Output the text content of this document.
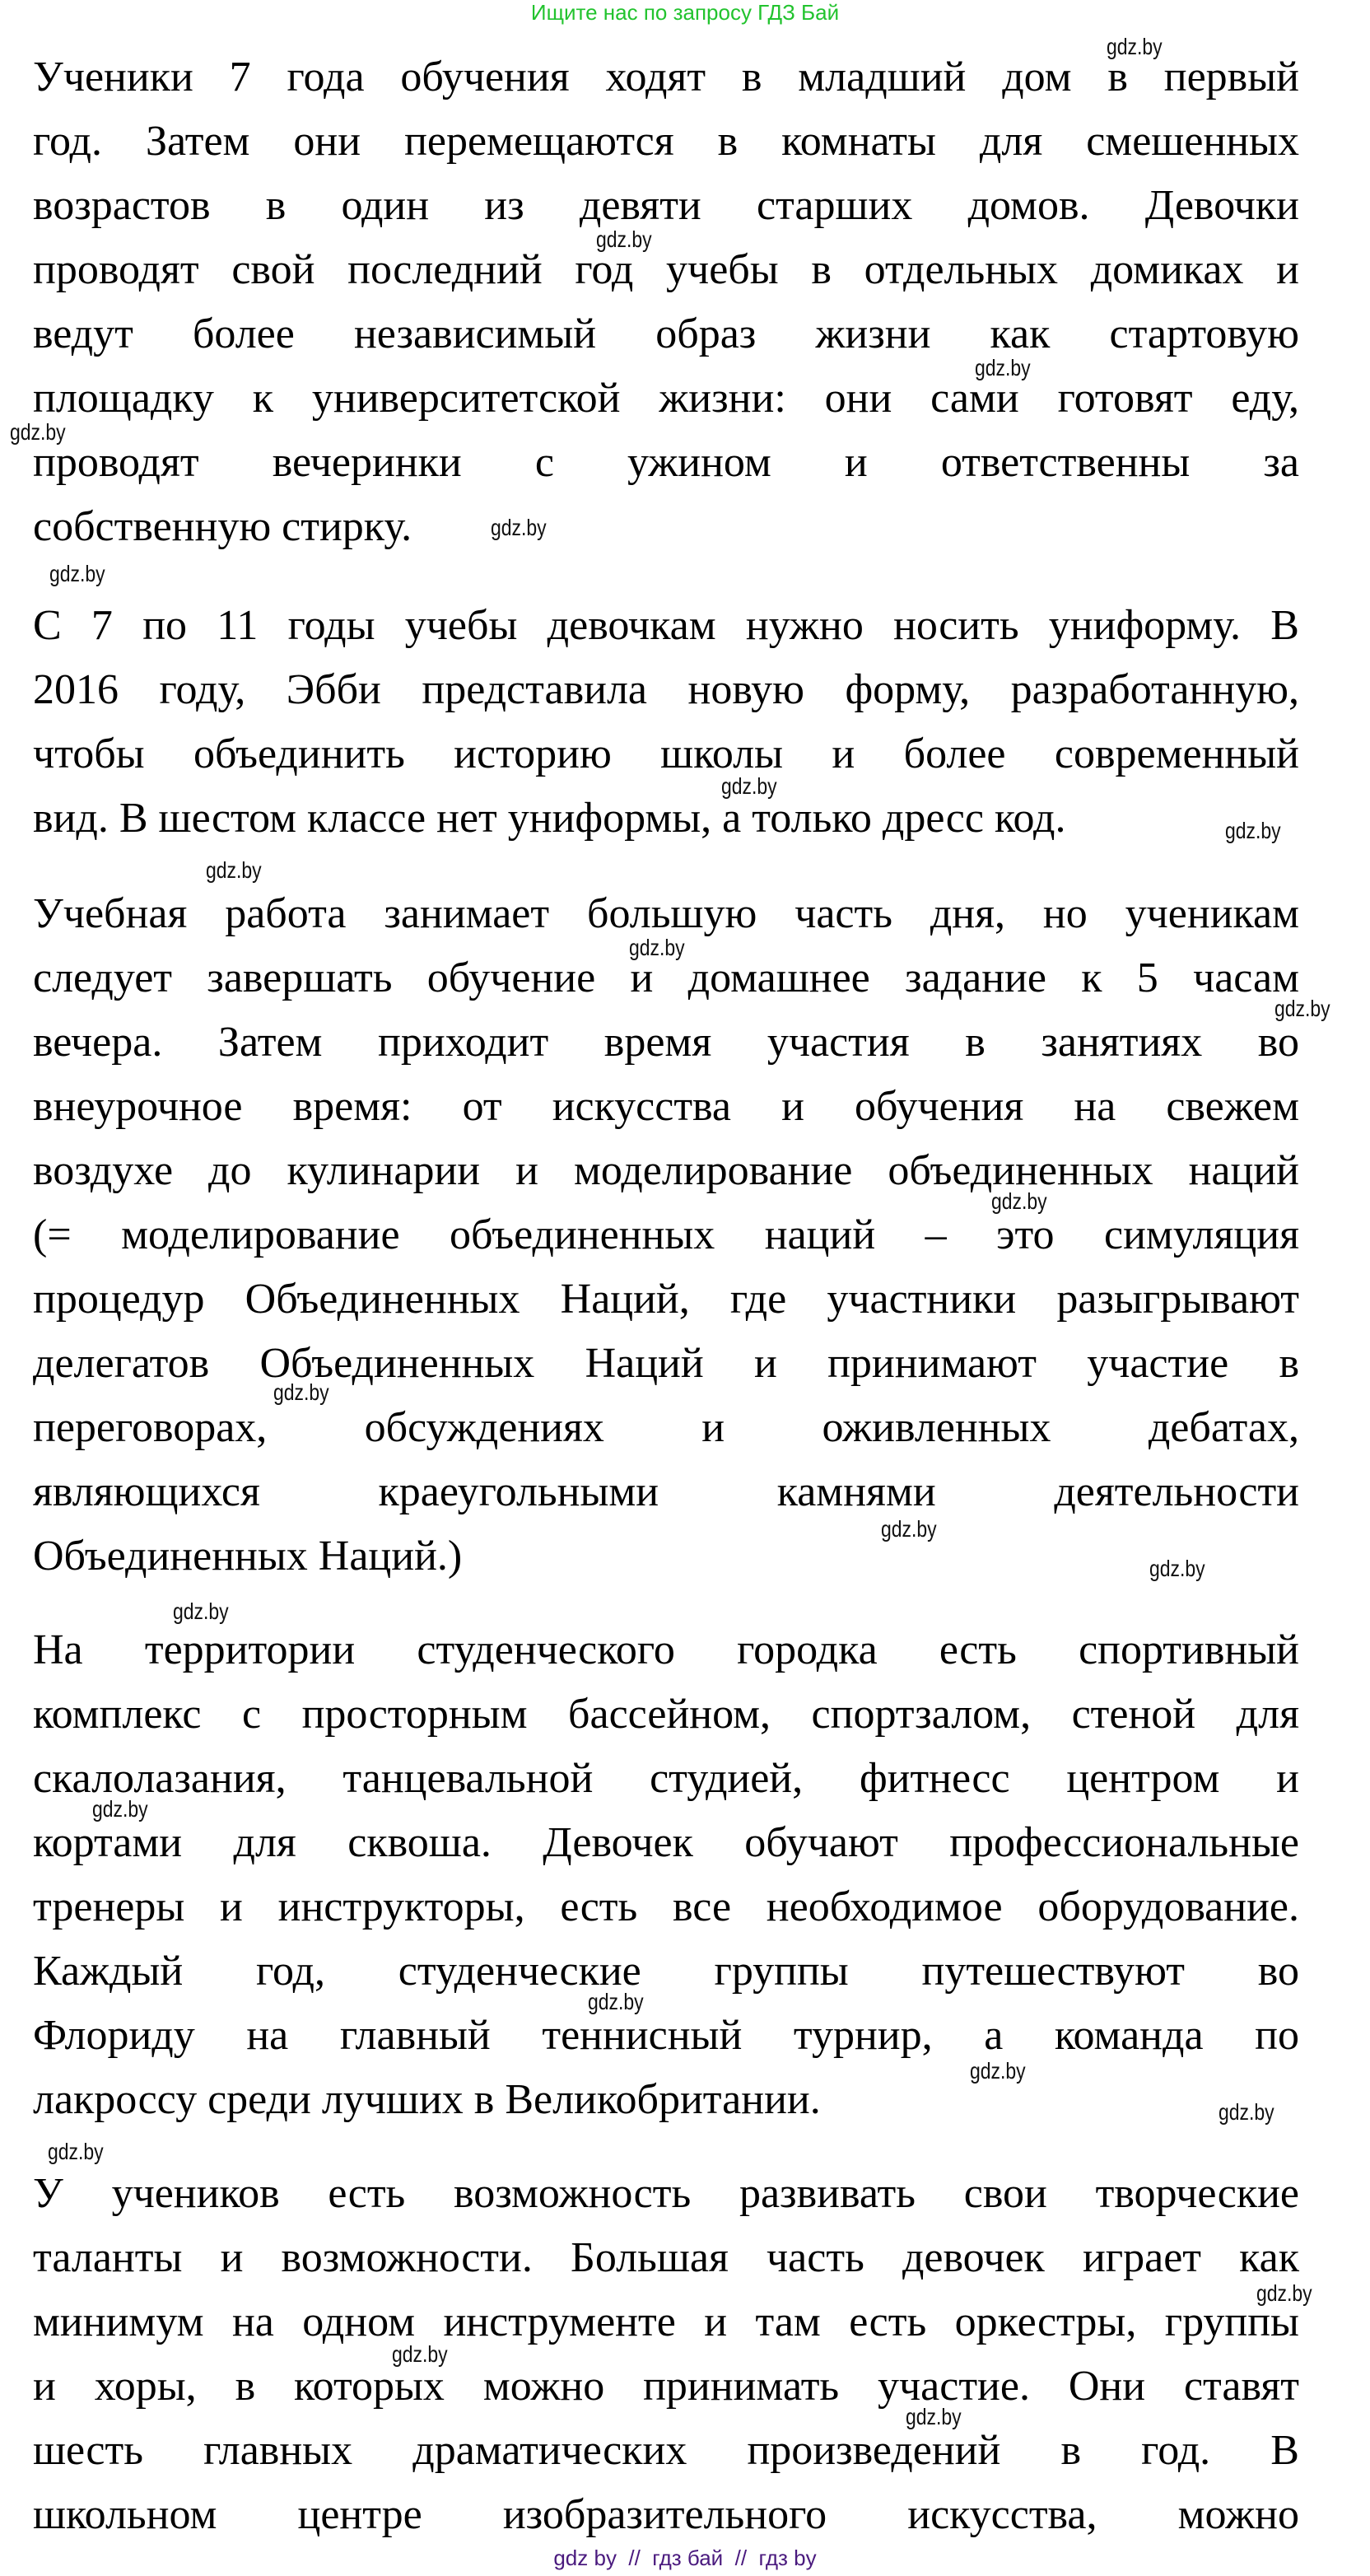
Ищите нас по запросу ГДЗ Бай
Ученики 7 года обучения ходят в младший дом в первый
год. Затем они перемещаются в комнаты для смешенных
возрастов в один из девяти старших домов. Девочки
проводят свой последний год учебы в отдельных домиках и
ведут более независимый образ жизни как стартовую
площадку к университетской жизни: они сами готовят еду,
проводят вечеринки с ужином и ответственны за
собственную стирку.
С 7 по 11 годы учебы девочкам нужно носить униформу. В
2016 году, Эбби представила новую форму, разработанную,
чтобы объединить историю школы и более современный
вид. В шестом классе нет униформы, а только дресс код.
Учебная работа занимает большую часть дня, но ученикам
следует завершать обучение и домашнее задание к 5 часам
вечера. Затем приходит время участия в занятиях во
внеурочное время: от искусства и обучения на свежем
воздухе до кулинарии и моделирование объединенных наций
(= моделирование объединенных наций – это симуляция
процедур Объединенных Наций, где участники разыгрывают
делегатов Объединенных Наций и принимают участие в
переговорах, обсуждениях и оживленных дебатах,
являющихся краеугольными камнями деятельности
Объединенных Наций.)
На территории студенческого городка есть спортивный
комплекс с просторным бассейном, спортзалом, стеной для
скалолазания, танцевальной студией, фитнесс центром и
кортами для сквоша. Девочек обучают профессиональные
тренеры и инструкторы, есть все необходимое оборудование.
Каждый год, студенческие группы путешествуют во
Флориду на главный теннисный турнир, а команда по
лакроссу среди лучших в Великобритании.
У учеников есть возможность развивать свои творческие
таланты и возможности. Большая часть девочек играет как
минимум на одном инструменте и там есть оркестры, группы
и хоры, в которых можно принимать участие. Они ставят
шесть главных драматических произведений в год. В
школьном центре изобразительного искусства, можно
gdz.by
gdz.by
gdz.by
gdz.by
gdz.by
gdz.by
gdz.by
gdz.by
gdz.by
gdz.by
gdz.by
gdz.by
gdz.by
gdz.by
gdz.by
gdz.by
gdz.by
gdz.by
gdz.by
gdz.by
gdz.by
gdz.by
gdz.by
gdz.by
gdz by  //  гдз бай  //  гдз by
